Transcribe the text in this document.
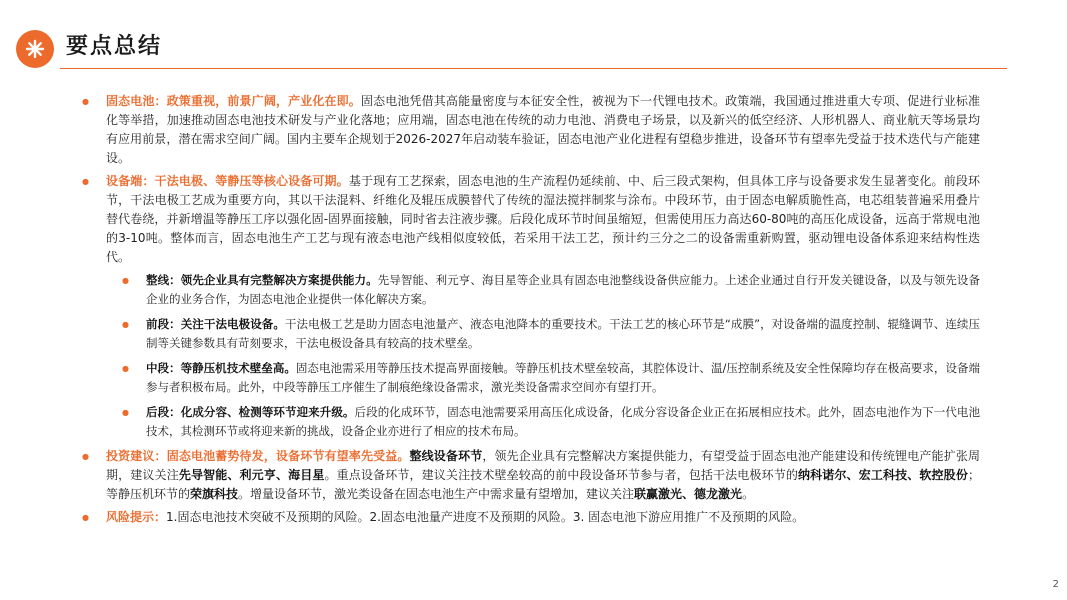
要点总结

● 固态电池：政策重视，前景广阔，产业化在即。固态电池凭借其高能量密度与本征安全性，被视为下一代锂电技术。政策端，我国通过推进重大专项、促进行业标准化等举措，加速推动固态电池技术研发与产业化落地；应用端，固态电池在传统的动力电池、消费电子场景，以及新兴的低空经济、人形机器人、商业航天等场景均有应用前景，潜在需求空间广阔。国内主要车企规划于2026-2027年启动装车验证，固态电池产业化进程有望稳步推进，设备环节有望率先受益于技术迭代与产能建设。

● 设备端：干法电极、等静压等核心设备可期。基于现有工艺探索，固态电池的生产流程仍延续前、中、后三段式架构，但具体工序与设备要求发生显著变化。前段环节，干法电极工艺成为重要方向，其以干法混料、纤维化及辊压成膜替代了传统的湿法搅拌制浆与涂布。中段环节，由于固态电解质脆性高，电芯组装普遍采用叠片替代卷绕，并新增温等静压工序以强化固-固界面接触，同时省去注液步骤。后段化成环节时间虽缩短，但需使用压力高达60-80吨的高压化成设备，远高于常规电池的3-10吨。整体而言，固态电池生产工艺与现有液态电池产线相似度较低，若采用干法工艺，预计约三分之二的设备需重新购置，驱动锂电设备体系迎来结构性迭代。

● 整线：领先企业具有完整解决方案提供能力。先导智能、利元亨、海目星等企业具有固态电池整线设备供应能力。上述企业通过自行开发关键设备，以及与领先设备企业的业务合作，为固态电池企业提供一体化解决方案。

● 前段：关注干法电极设备。干法电极工艺是助力固态电池量产、液态电池降本的重要技术。干法工艺的核心环节是“成膜”，对设备端的温度控制、辊缝调节、连续压制等关键参数具有苛刻要求，干法电极设备具有较高的技术壁垒。

● 中段：等静压机技术壁垒高。固态电池需采用等静压技术提高界面接触。等静压机技术壁垒较高，其腔体设计、温/压控制系统及安全性保障均存在极高要求，设备端参与者积极布局。此外，中段等静压工序催生了制痕绝缘设备需求，激光类设备需求空间亦有望打开。

● 后段：化成分容、检测等环节迎来升级。后段的化成环节，固态电池需要采用高压化成设备，化成分容设备企业正在拓展相应技术。此外，固态电池作为下一代电池技术，其检测环节或将迎来新的挑战，设备企业亦进行了相应的技术布局。

● 投资建议：固态电池蓄势待发，设备环节有望率先受益。整线设备环节，领先企业具有完整解决方案提供能力，有望受益于固态电池产能建设和传统锂电产能扩张周期，建议关注先导智能、利元亨、海目星。重点设备环节，建议关注技术壁垒较高的前中段设备环节参与者，包括干法电极环节的纳科诺尔、宏工科技、软控股份；等静压机环节的荣旗科技。增量设备环节，激光类设备在固态电池生产中需求量有望增加，建议关注联赢激光、德龙激光。

● 风险提示：1.固态电池技术突破不及预期的风险。2.固态电池量产进度不及预期的风险。3. 固态电池下游应用推广不及预期的风险。

2
